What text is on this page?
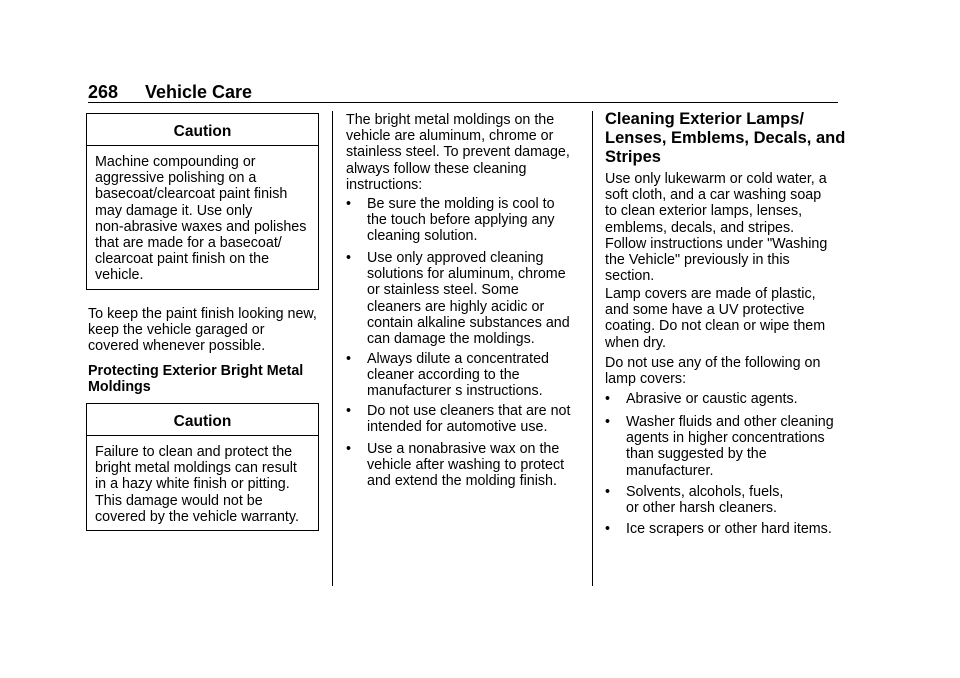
268 Vehicle Care
Caution
Machine compounding or
aggressive polishing on a
basecoat/clearcoat paint finish
may damage it. Use only
non-abrasive waxes and polishes
that are made for a basecoat/
clearcoat paint finish on the
vehicle.
To keep the paint finish looking new,
keep the vehicle garaged or
covered whenever possible.
Protecting Exterior Bright Metal
Moldings
Caution
Failure to clean and protect the
bright metal moldings can result
in a hazy white finish or pitting.
This damage would not be
covered by the vehicle warranty.
The bright metal moldings on the
vehicle are aluminum, chrome or
stainless steel. To prevent damage,
always follow these cleaning
instructions:
• Be sure the molding is cool to
the touch before applying any
cleaning solution.
• Use only approved cleaning
solutions for aluminum, chrome
or stainless steel. Some
cleaners are highly acidic or
contain alkaline substances and
can damage the moldings.
• Always dilute a concentrated
cleaner according to the
manufacturer s instructions.
• Do not use cleaners that are not
intended for automotive use.
• Use a nonabrasive wax on the
vehicle after washing to protect
and extend the molding finish.
Cleaning Exterior Lamps/
Lenses, Emblems, Decals, and
Stripes
Use only lukewarm or cold water, a
soft cloth, and a car washing soap
to clean exterior lamps, lenses,
emblems, decals, and stripes.
Follow instructions under "Washing
the Vehicle" previously in this
section.
Lamp covers are made of plastic,
and some have a UV protective
coating. Do not clean or wipe them
when dry.
Do not use any of the following on
lamp covers:
• Abrasive or caustic agents.
• Washer fluids and other cleaning
agents in higher concentrations
than suggested by the
manufacturer.
• Solvents, alcohols, fuels,
or other harsh cleaners.
• Ice scrapers or other hard items.
